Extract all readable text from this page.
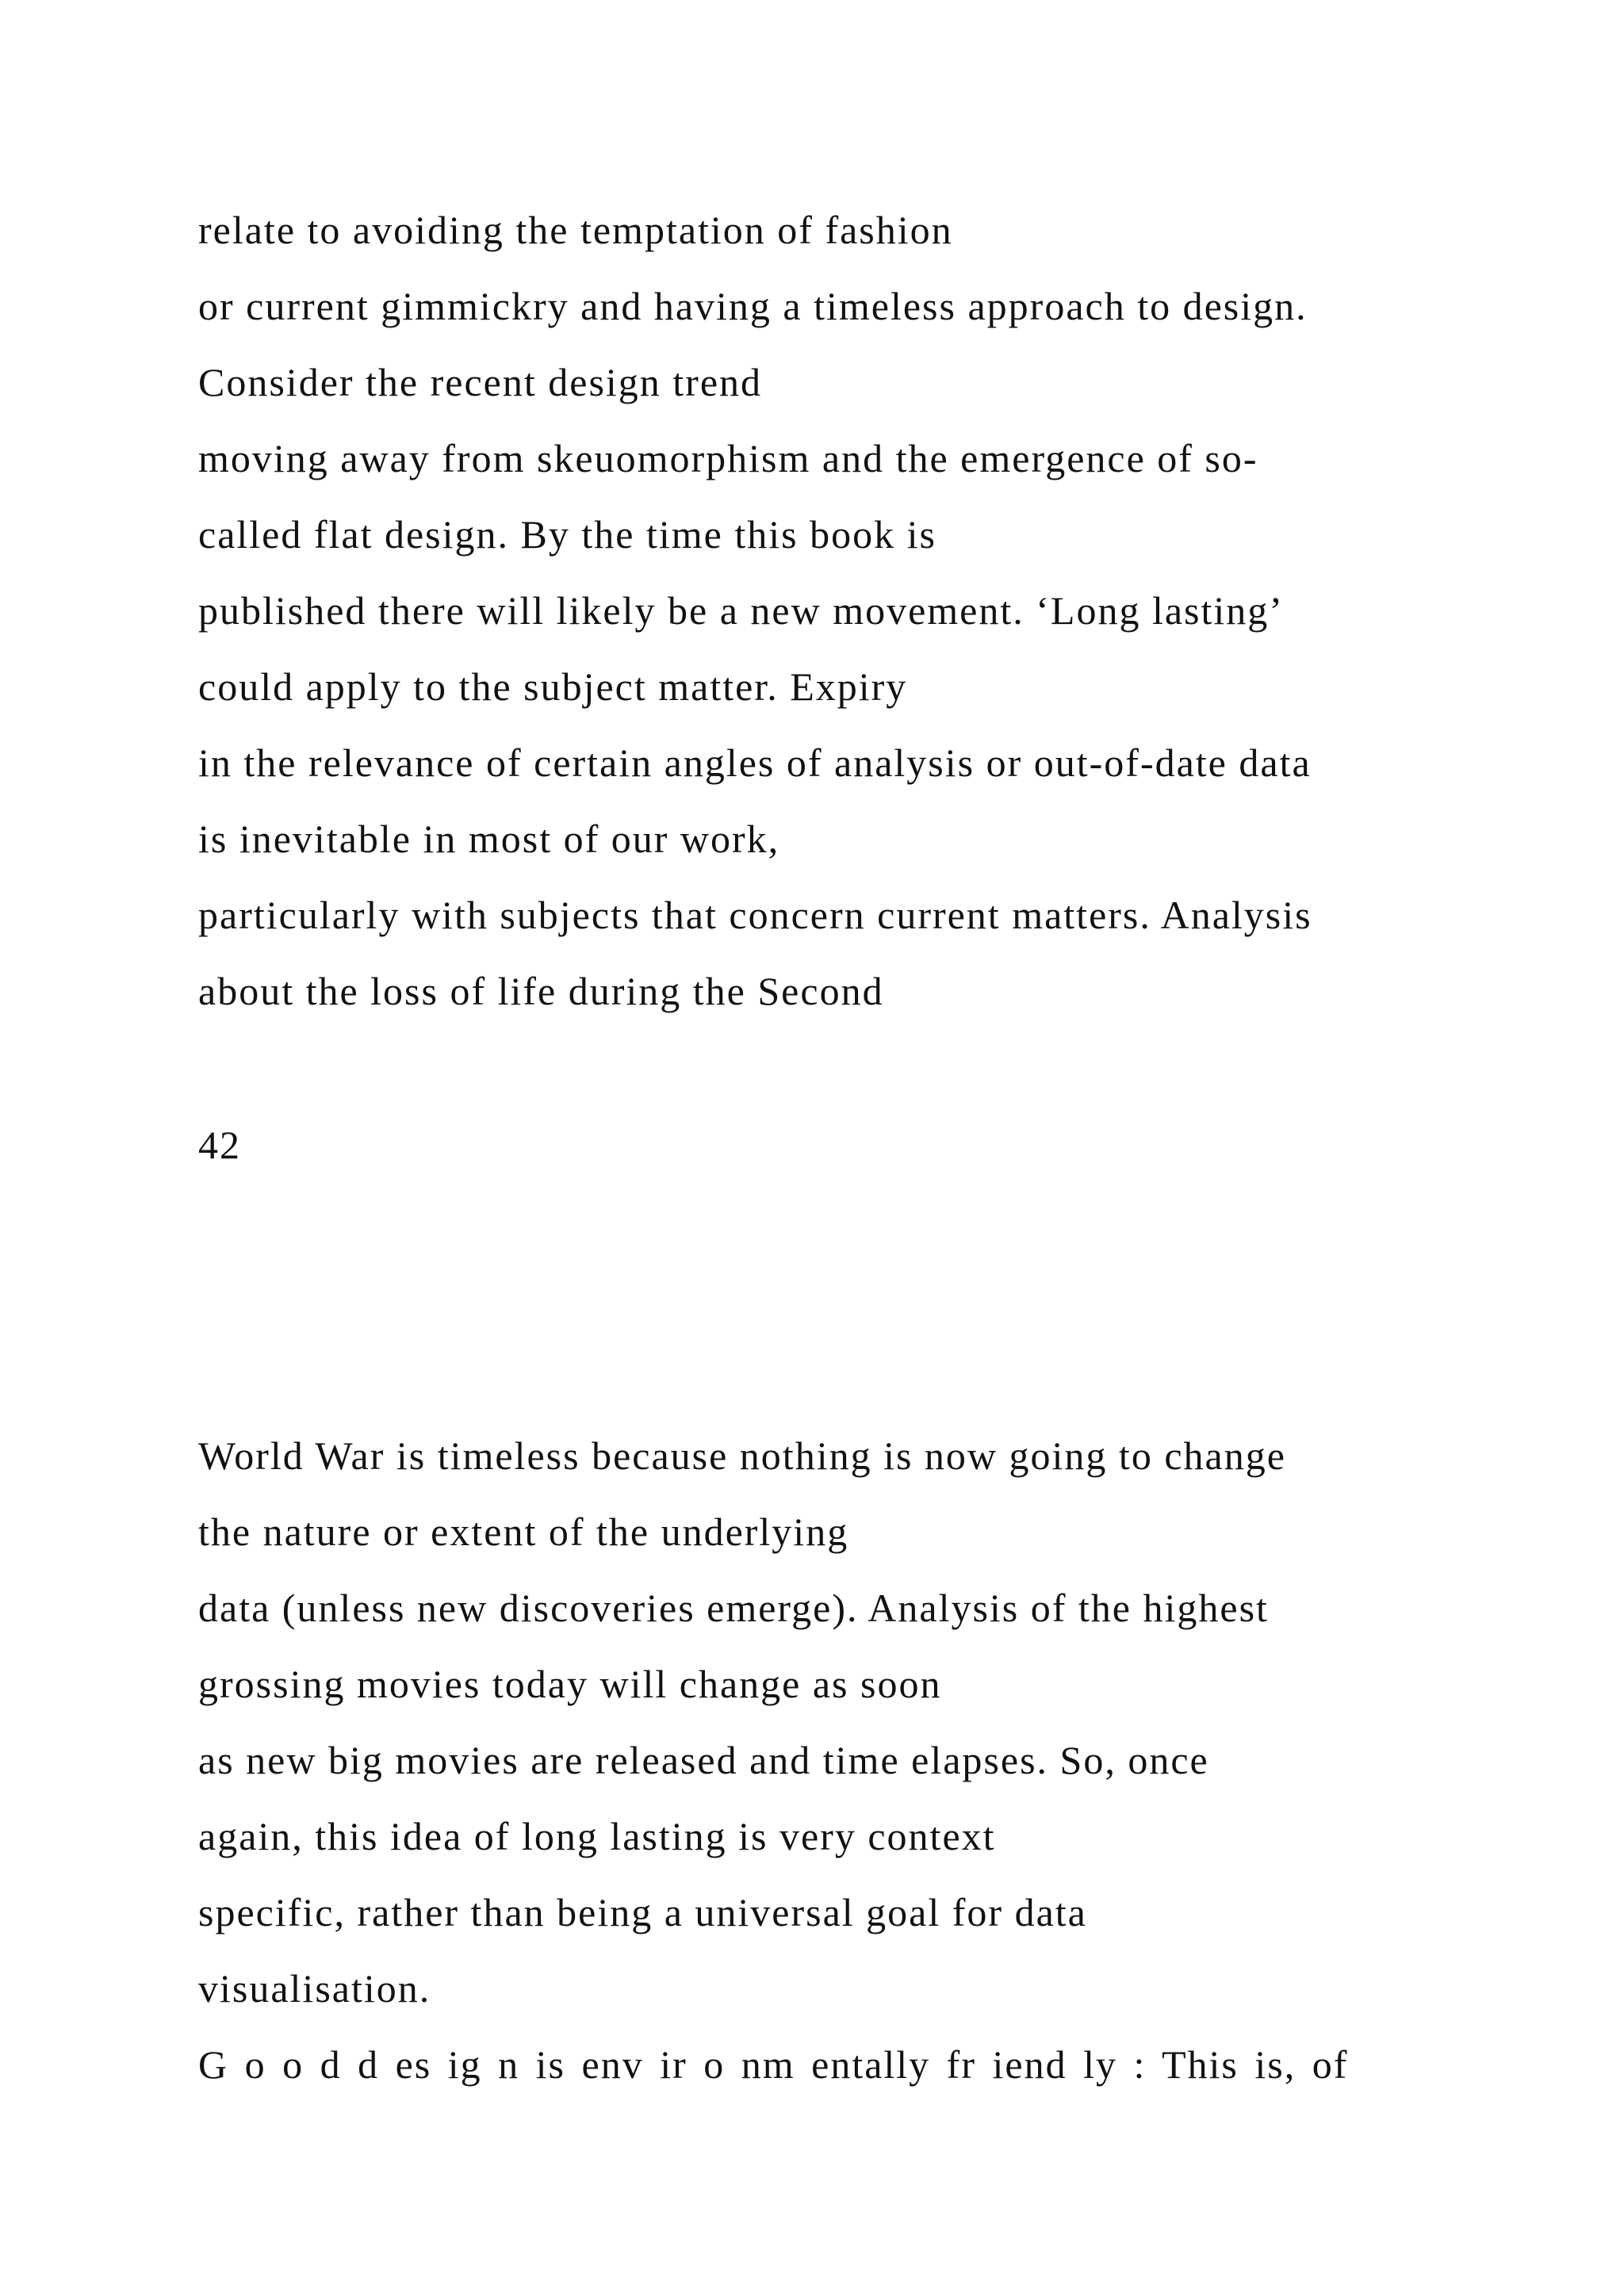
relate to avoiding the temptation of fashion
or current gimmickry and having a timeless approach to design.
Consider the recent design trend
moving away from skeuomorphism and the emergence of so-
called flat design. By the time this book is
published there will likely be a new movement. ‘Long lasting’
could apply to the subject matter. Expiry
in the relevance of certain angles of analysis or out-of-date data
is inevitable in most of our work,
particularly with subjects that concern current matters. Analysis
about the loss of life during the Second
42
World War is timeless because nothing is now going to change
the nature or extent of the underlying
data (unless new discoveries emerge). Analysis of the highest
grossing movies today will change as soon
as new big movies are released and time elapses. So, once
again, this idea of long lasting is very context
specific, rather than being a universal goal for data
visualisation.
G o o d d es ig n is env ir o nm entally fr iend ly : This is, of
